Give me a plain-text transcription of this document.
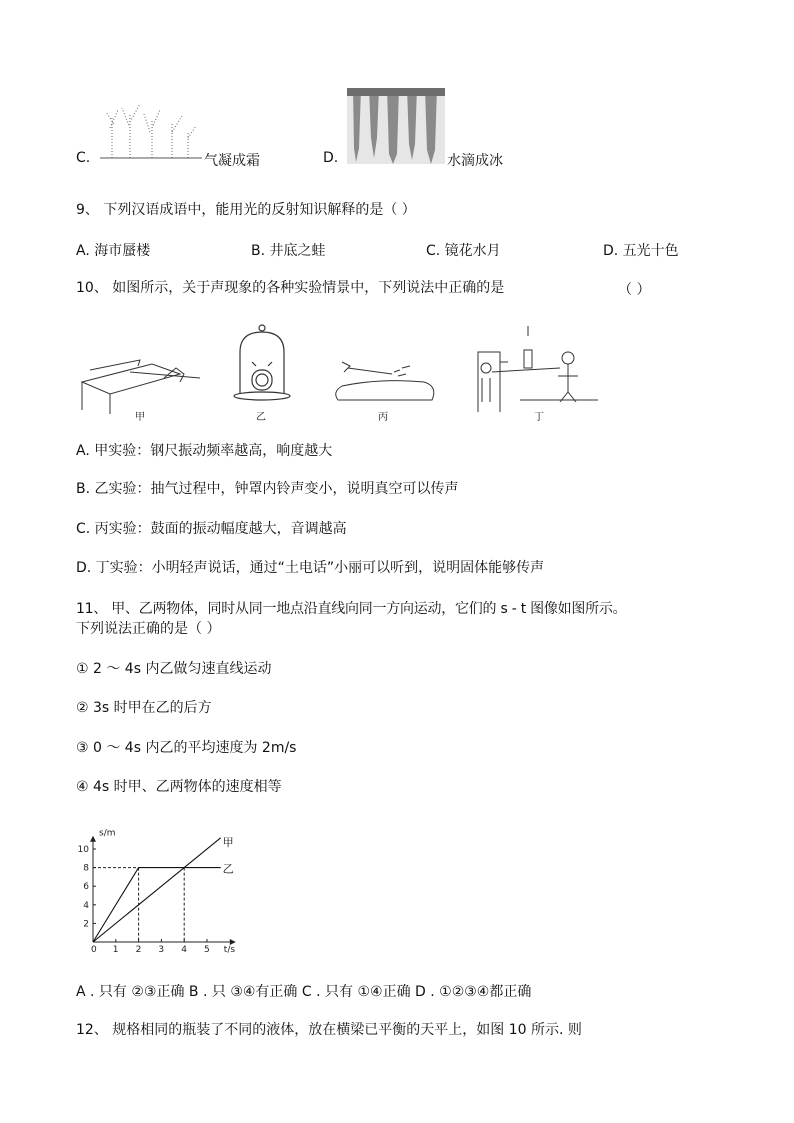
C.	气凝成霜	D.	水滴成冰
9、 下列汉语成语中，能用光的反射知识解释的是（ ）
A. 海市蜃楼	B. 井底之蛙	C. 镜花水月	D. 五光十色
10、 如图所示，关于声现象的各种实验情景中，下列说法中正确的是	（ ）
甲	乙	丙	丁
A. 甲实验：钢尺振动频率越高，响度越大
B. 乙实验：抽气过程中，钟罩内铃声变小，说明真空可以传声
C. 丙实验：鼓面的振动幅度越大，音调越高
D. 丁实验：小明轻声说话，通过“土电话”小丽可以听到，说明固体能够传声
11、 甲、乙两物体，同时从同一地点沿直线向同一方向运动，它们的 s - t 图像如图所示。
下列说法正确的是（ ）
① 2 ～ 4s 内乙做匀速直线运动
② 3s 时甲在乙的后方
③ 0 ～ 4s 内乙的平均速度为 2m/s
④ 4s 时甲、乙两物体的速度相等
s/m
t/s
0 1 2 3 4 5
2
4
6
8
10
甲
乙
A . 只有 ②③正确 B . 只 ③④有正确 C . 只有 ①④正确 D . ①②③④都正确
12、 规格相同的瓶装了不同的液体，放在横梁已平衡的天平上，如图 10 所示. 则
